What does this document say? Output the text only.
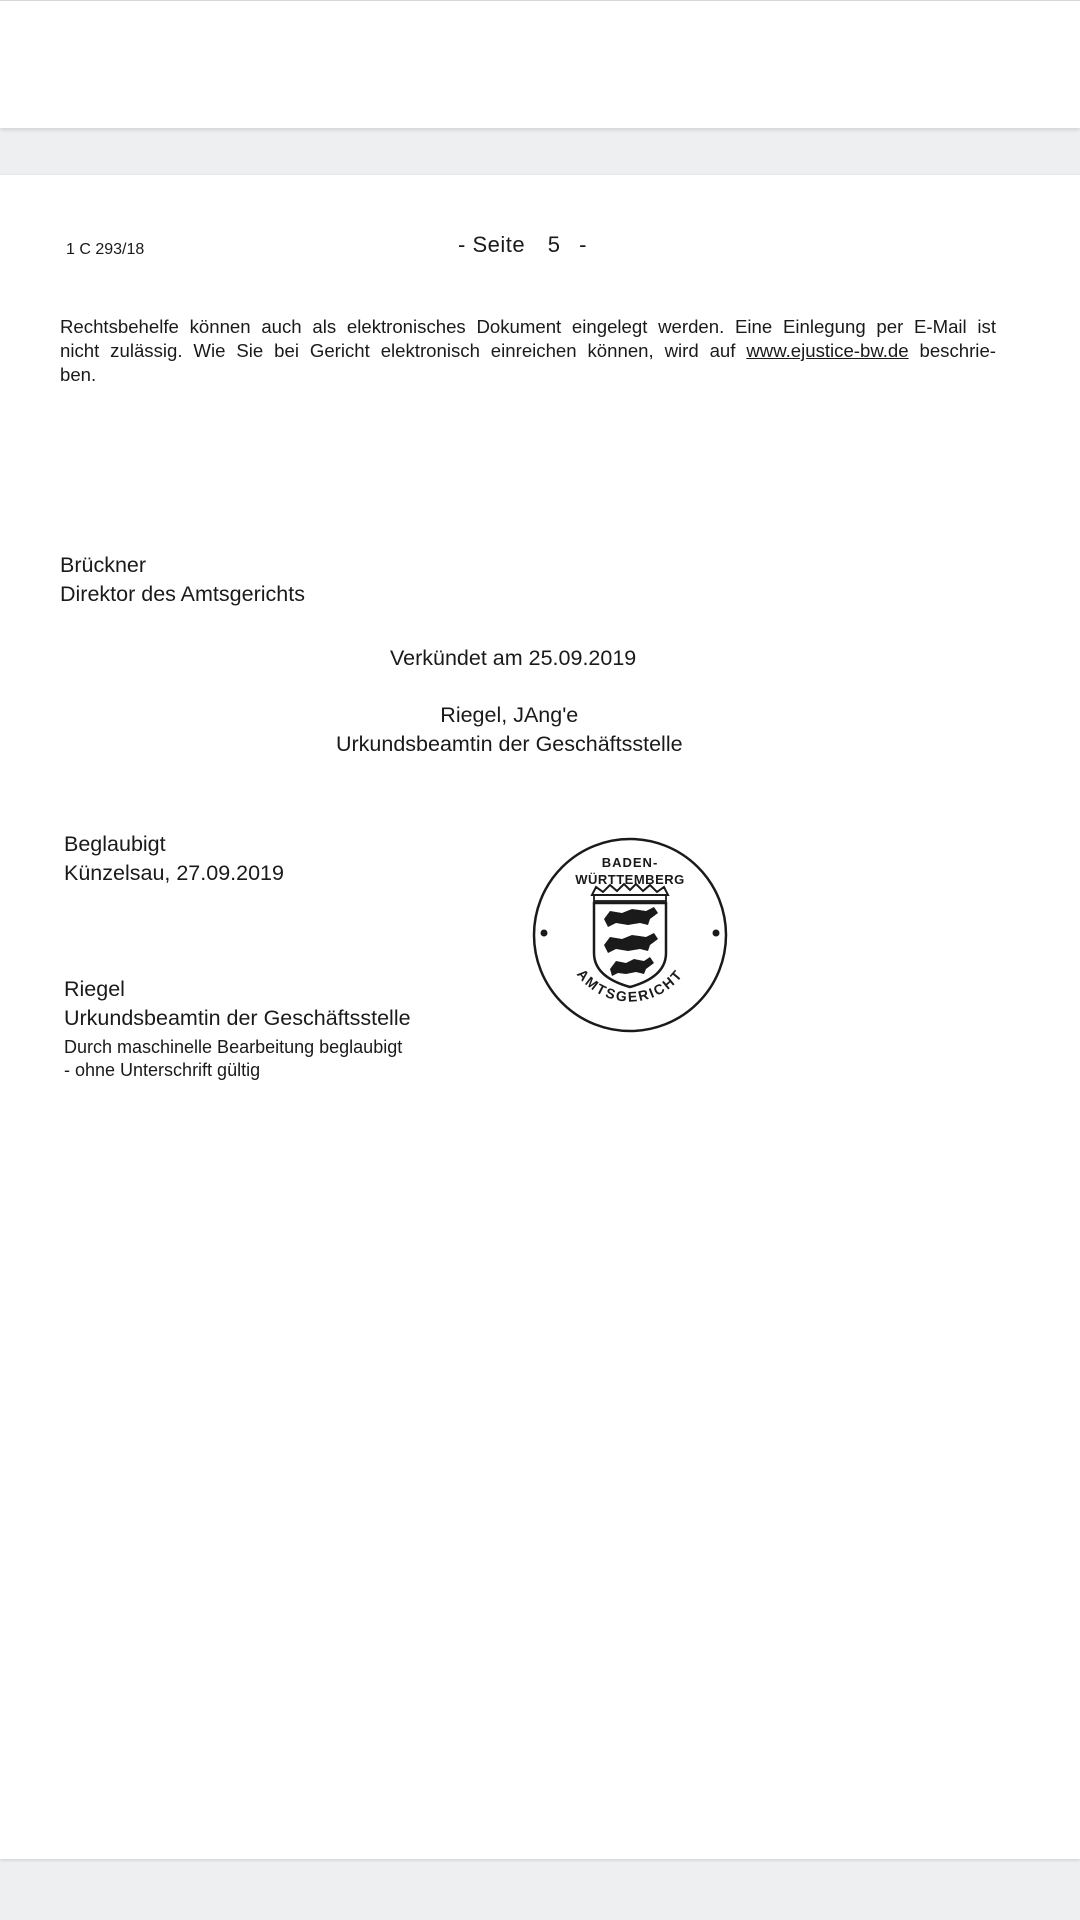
1 C 293/18	- Seite 5 -
Rechtsbehelfe können auch als elektronisches Dokument eingelegt werden. Eine Einlegung per E-Mail ist
nicht zulässig. Wie Sie bei Gericht elektronisch einreichen können, wird auf www.ejustice-bw.de beschrie-
ben.
Brückner
Direktor des Amtsgerichts
Verkündet am 25.09.2019
Riegel, JAng'e
Urkundsbeamtin der Geschäftsstelle
Beglaubigt
Künzelsau, 27.09.2019
Riegel
Urkundsbeamtin der Geschäftsstelle
Durch maschinelle Bearbeitung beglaubigt
- ohne Unterschrift gültig
BADEN-
WÜRTTEMBERG
AMTSGERICHT
